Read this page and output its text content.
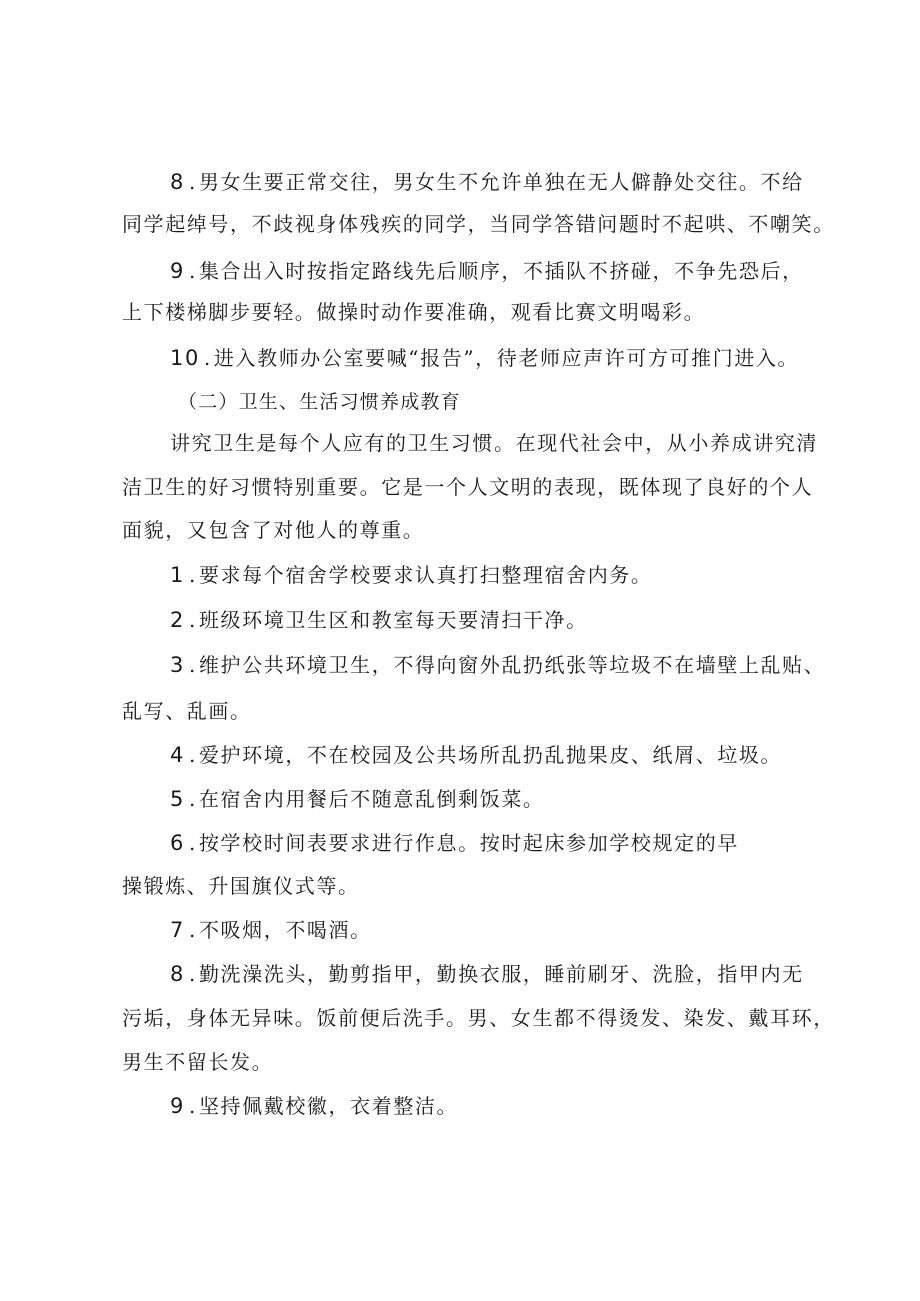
8 . 男女生要正常交往，男女生不允许单独在无人僻静处交往。不给
同学起绰号，不歧视身体残疾的同学，当同学答错问题时不起哄、不嘲笑。
9 . 集合出入时按指定路线先后顺序，不插队不挤碰，不争先恐后，
上下楼梯脚步要轻。做操时动作要准确，观看比赛文明喝彩。
10 . 进入教师办公室要喊“报告”，待老师应声许可方可推门进入。
（二）卫生、生活习惯养成教育
讲究卫生是每个人应有的卫生习惯。在现代社会中，从小养成讲究清
洁卫生的好习惯特别重要。它是一个人文明的表现，既体现了良好的个人
面貌，又包含了对他人的尊重。
1 . 要求每个宿舍学校要求认真打扫整理宿舍内务。
2 . 班级环境卫生区和教室每天要清扫干净。
3 . 维护公共环境卫生，不得向窗外乱扔纸张等垃圾不在墙壁上乱贴、
乱写、乱画。
4 . 爱护环境，不在校园及公共场所乱扔乱抛果皮、纸屑、垃圾。
5 . 在宿舍内用餐后不随意乱倒剩饭菜。
6 . 按学校时间表要求进行作息。按时起床参加学校规定的早
操锻炼、升国旗仪式等。
7 . 不吸烟，不喝酒。
8 . 勤洗澡洗头，勤剪指甲，勤换衣服，睡前刷牙、洗脸，指甲内无
污垢，身体无异味。饭前便后洗手。男、女生都不得烫发、染发、戴耳环，
男生不留长发。
9 . 坚持佩戴校徽，衣着整洁。
